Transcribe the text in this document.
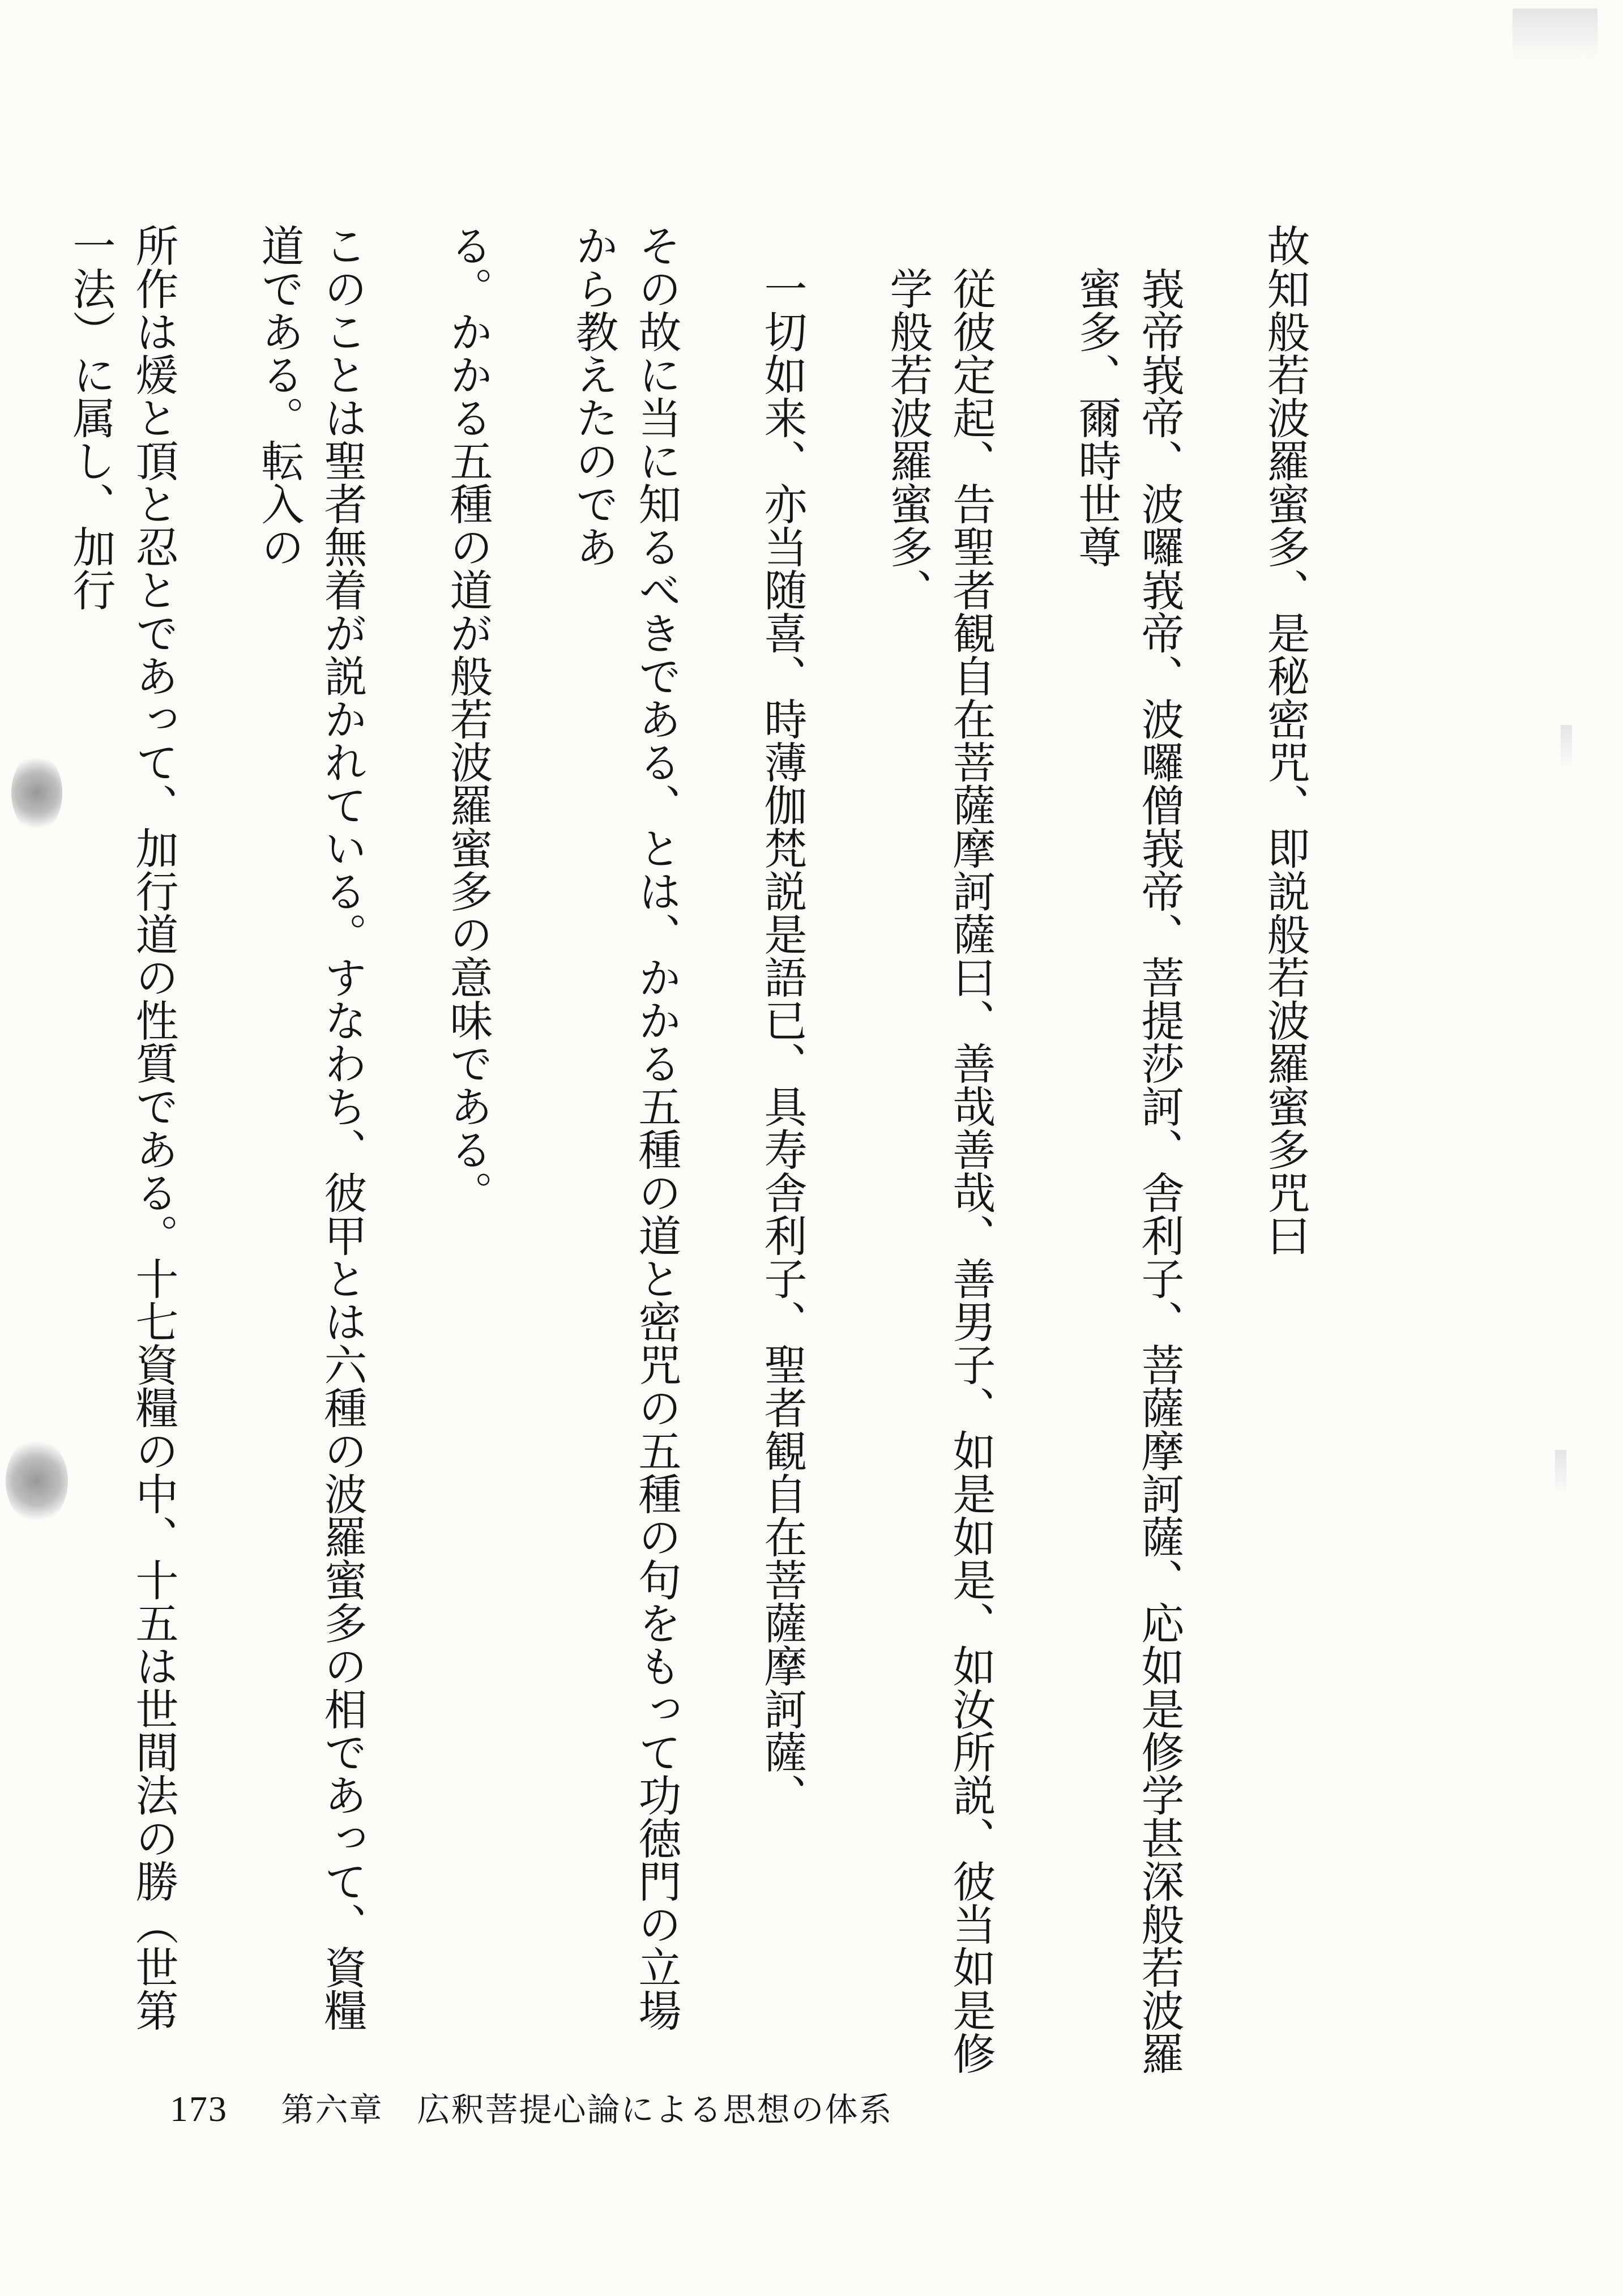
故知般若波羅蜜多、是秘密咒、即説般若波羅蜜多咒曰

峩帝峩帝、波囉峩帝、波囉僧峩帝、菩提莎訶、舎利子、菩薩摩訶薩、応如是修学甚深般若波羅蜜多、爾時世尊

従彼定起、告聖者観自在菩薩摩訶薩曰、善哉善哉、善男子、如是如是、如汝所説、彼当如是修学般若波羅蜜多、

一切如来、亦当随喜、時薄伽梵説是語已、具寿舎利子、聖者観自在菩薩摩訶薩、

その故に当に知るべきである、とは、かかる五種の道と密咒の五種の句をもって功徳門の立場から教えたのであ

る。かかる五種の道が般若波羅蜜多の意味である。

このことは聖者無着が説かれている。すなわち、彼甲とは六種の波羅蜜多の相であって、資糧道である。転入の

所作は煖と頂と忍とであって、加行道の性質である。十七資糧の中、十五は世間法の勝（世第一法）に属し、加行

173 第六章　広釈菩提心論による思想の体系
